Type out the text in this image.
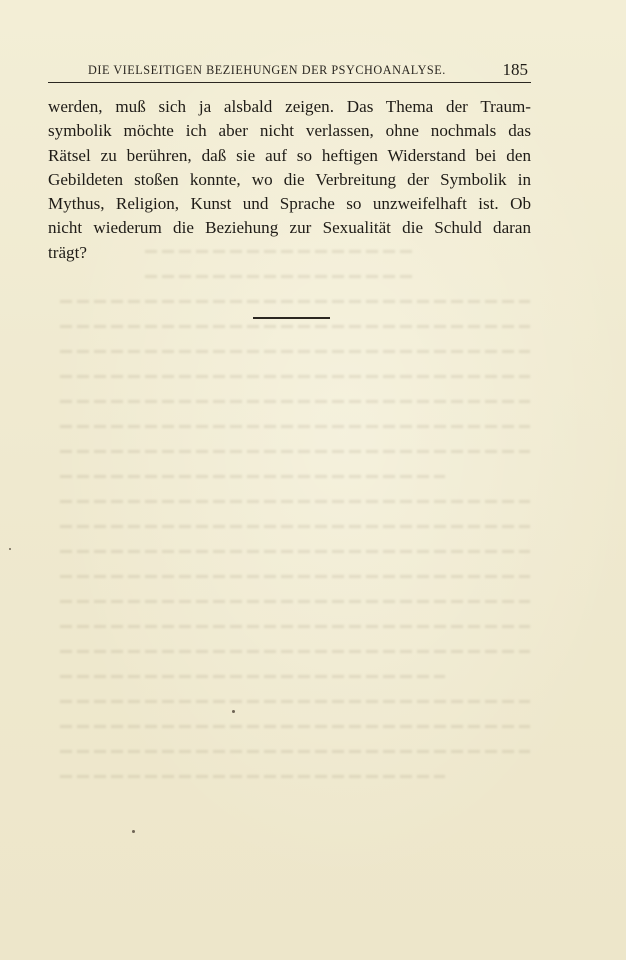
DIE VIELSEITIGEN BEZIEHUNGEN DER PSYCHOANALYSE.	185
werden, muß sich ja alsbald zeigen. Das Thema der Traum-
symbolik möchte ich aber nicht verlassen, ohne nochmals das
Rätsel zu berühren, daß sie auf so heftigen Widerstand bei den
Gebildeten stoßen konnte, wo die Verbreitung der Symbolik in
Mythus, Religion, Kunst und Sprache so unzweifelhaft ist. Ob
nicht wiederum die Beziehung zur Sexualität die Schuld daran
trägt?
